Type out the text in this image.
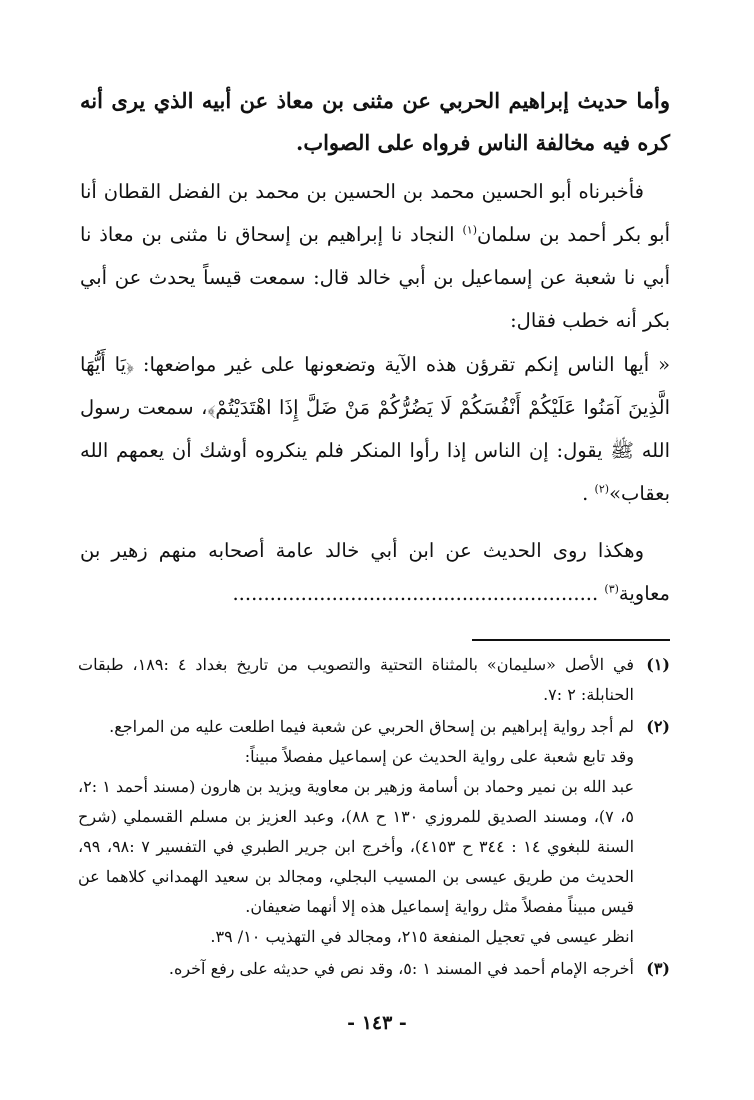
وأما حديث إبراهيم الحربي عن مثنى بن معاذ عن أبيه الذي يرى أنه كره فيه مخالفة الناس فرواه على الصواب.
فأخبرناه أبو الحسين محمد بن الحسين بن محمد بن الفضل القطان أنا أبو بكر أحمد بن سلمان$^{(١)}$ النجاد نا إبراهيم بن إسحاق نا مثنى بن معاذ نا أبي نا شعبة عن إسماعيل بن أبي خالد قال: سمعت قيساً يحدث عن أبي بكر أنه خطب فقال:
« أيها الناس إنكم تقرؤن هذه الآية وتضعونها على غير مواضعها: ﴿يَا أَيُّهَا الَّذِينَ آمَنُوا عَلَيْكُمْ أَنْفُسَكُمْ لَا يَضُرُّكُمْ مَنْ ضَلَّ إِذَا اهْتَدَيْتُمْ﴾، سمعت رسول الله ﷺ يقول: إن الناس إذا رأوا المنكر فلم ينكروه أوشك أن يعمهم الله بعقاب»$^{(٢)}$ .
وهكذا روى الحديث عن ابن أبي خالد عامة أصحابه منهم زهير بن معاوية$^{(٣)}$ ...........................................................
(١)
في الأصل «سليمان» بالمثناة التحتية والتصويب من تاريخ بغداد ٤ :١٨٩، طبقات الحنابلة: ٢ :٧.
(٢)
لم أجد رواية إبراهيم بن إسحاق الحربي عن شعبة فيما اطلعت عليه من المراجع.
وقد تابع شعبة على رواية الحديث عن إسماعيل مفصلاً مبيناً:
عبد الله بن نمير وحماد بن أسامة وزهير بن معاوية ويزيد بن هارون (مسند أحمد ١ :٢، ٥، ٧)، ومسند الصديق للمروزي ١٣٠ ح ٨٨)، وعبد العزيز بن مسلم القسملي (شرح السنة للبغوي ١٤ : ٣٤٤ ح ٤١٥٣)، وأخرج ابن جرير الطبري في التفسير ٧ :٩٨، ٩٩، الحديث من طريق عيسى بن المسيب البجلي، ومجالد بن سعيد الهمداني كلاهما عن قيس مبيناً مفصلاً مثل رواية إسماعيل هذه إلا أنهما ضعيفان.
انظر عيسى في تعجيل المنفعة ٢١٥، ومجالد في التهذيب ١٠/ ٣٩.
(٣)
أخرجه الإمام أحمد في المسند ١ :٥، وقد نص في حديثه على رفع آخره.
- ١٤٣ -
